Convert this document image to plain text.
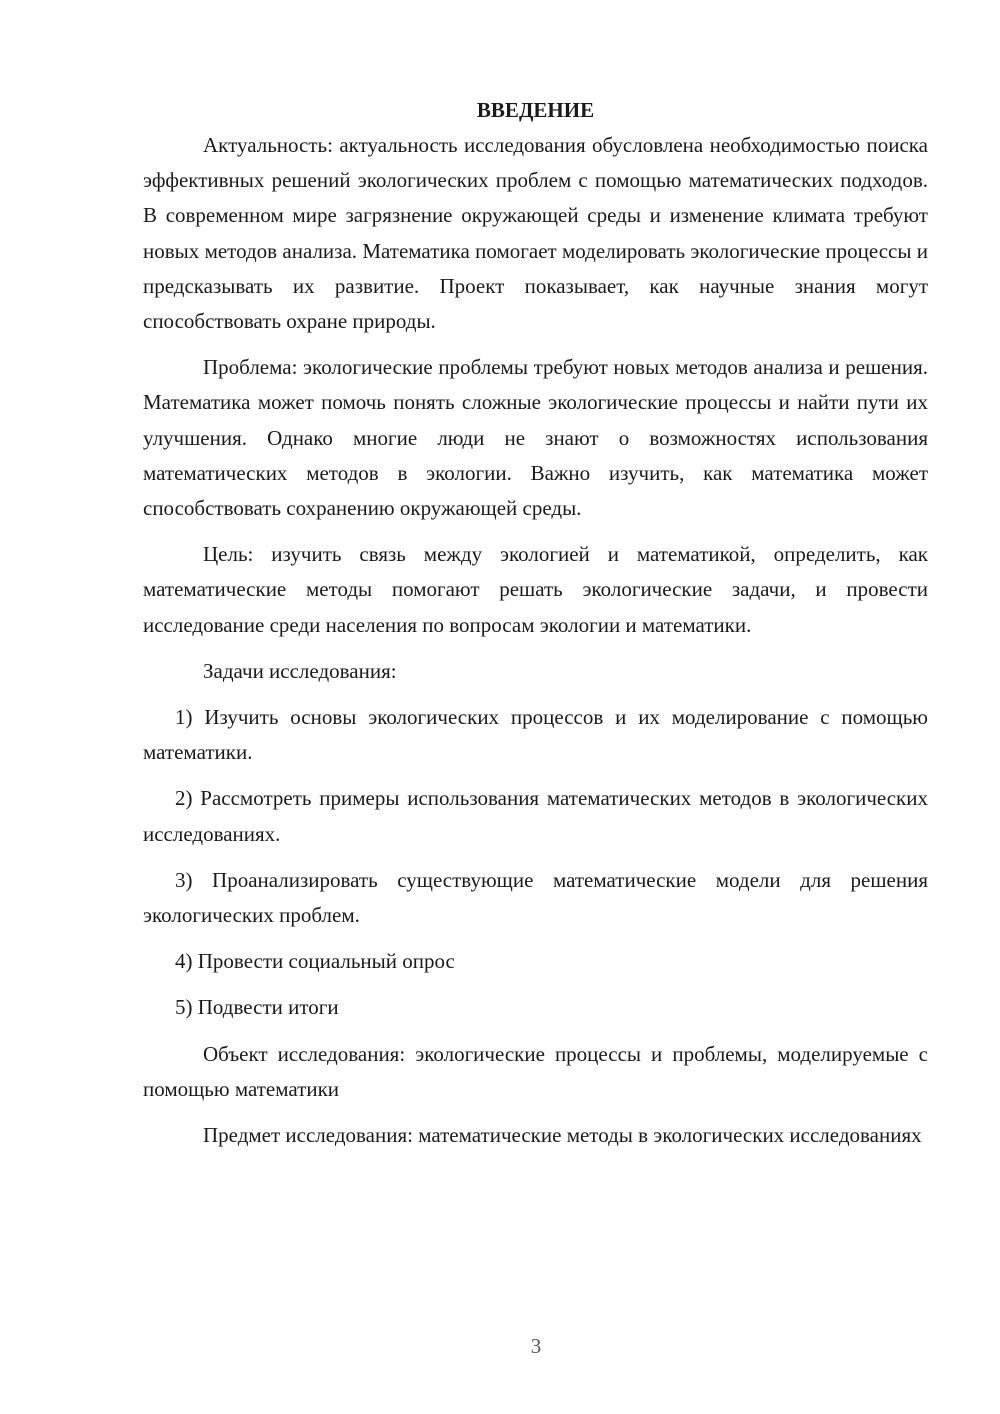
ВВЕДЕНИЕ

Актуальность: актуальность исследования обусловлена необходимостью поиска эффективных решений экологических проблем с помощью математических подходов. В современном мире загрязнение окружающей среды и изменение климата требуют новых методов анализа. Математика помогает моделировать экологические процессы и предсказывать их развитие. Проект показывает, как научные знания могут способствовать охране природы.

Проблема: экологические проблемы требуют новых методов анализа и решения. Математика может помочь понять сложные экологические процессы и найти пути их улучшения. Однако многие люди не знают о возможностях использования математических методов в экологии. Важно изучить, как математика может способствовать сохранению окружающей среды.

Цель: изучить связь между экологией и математикой, определить, как математические методы помогают решать экологические задачи, и провести исследование среди населения по вопросам экологии и математики.

Задачи исследования:

1) Изучить основы экологических процессов и их моделирование с помощью математики.

2) Рассмотреть примеры использования математических методов в экологических исследованиях.

3) Проанализировать существующие математические модели для решения экологических проблем.

4) Провести социальный опрос

5) Подвести итоги

Объект исследования: экологические процессы и проблемы, моделируемые с помощью математики

Предмет исследования: математические методы в экологических исследованиях

3
